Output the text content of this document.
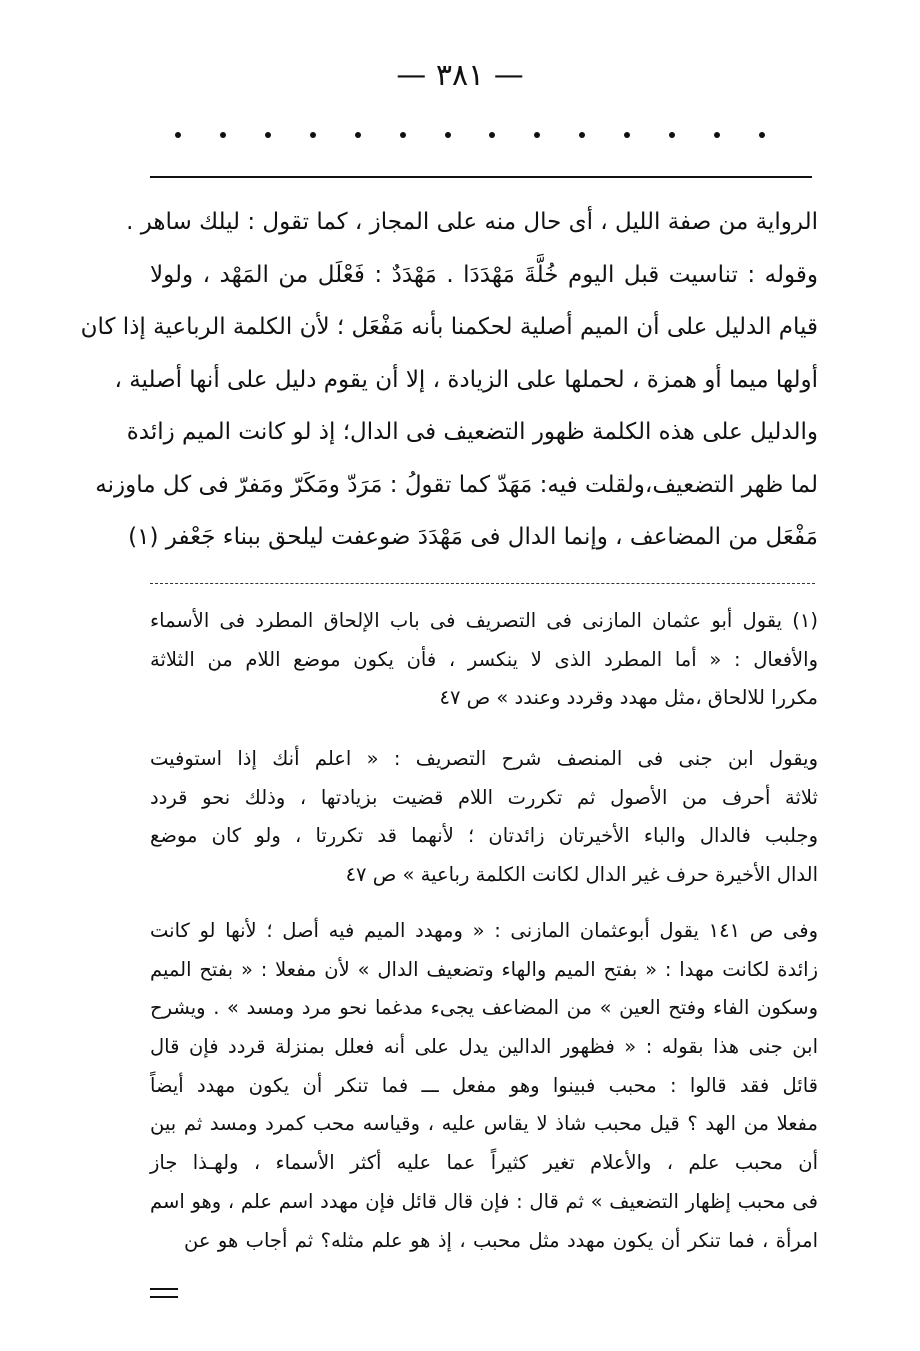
— ٣٨١ —
الرواية من صفة الليل ، أى حال منه على المجاز ، كما تقول : ليلك ساهر .
وقوله : تناسيت قبل اليوم خُلَّةَ مَهْدَدَا . مَهْدَدٌ : فَعْلَل من المَهْد ، ولولا
قيام الدليل على أن الميم أصلية لحكمنا بأنه مَفْعَل ؛ لأن الكلمة الرباعية إذا كان
أولها ميما أو همزة ، لحملها على الزيادة ، إلا أن يقوم دليل على أنها أصلية ،
والدليل على هذه الكلمة ظهور التضعيف فى الدال؛ إذ لو كانت الميم زائدة
لما ظهر التضعيف،ولقلت فيه: مَهَدّ كما تقولُ : مَرَدّ ومَكَرّ ومَفرّ فى كل ماوزنه
مَفْعَل من المضاعف ، وإنما الدال فى مَهْدَدَ ضوعفت ليلحق ببناء جَعْفر (١)
(١) يقول أبو عثمان المازنى فى التصريف فى باب الإلحاق المطرد فى الأسماء
والأفعال : « أما المطرد الذى لا ينكسر ، فأن يكون موضع اللام من الثلاثة
مكررا للالحاق ،مثل مهدد وقردد وعندد » ص ٤٧
ويقول ابن جنى فى المنصف شرح التصريف : « اعلم أنك إذا استوفيت
ثلاثة أحرف من الأصول ثم تكررت اللام قضيت بزيادتها ، وذلك نحو قردد
وجلبب فالدال والباء الأخيرتان زائدتان ؛ لأنهما قد تكررتا ، ولو كان موضع
الدال الأخيرة حرف غير الدال لكانت الكلمة رباعية » ص ٤٧
وفى ص ١٤١ يقول أبوعثمان المازنى : « ومهدد الميم فيه أصل ؛ لأنها لو كانت
زائدة لكانت مهدا : « بفتح الميم والهاء وتضعيف الدال » لأن مفعلا : « بفتح الميم
وسكون الفاء وفتح العين » من المضاعف يجىء مدغما نحو مرد ومسد » . ويشرح
ابن جنى هذا بقوله : « فظهور الدالين يدل على أنه فعلل بمنزلة قردد فإن قال
قائل فقد قالوا : محبب فبينوا وهو مفعل ـــ فما تنكر أن يكون مهدد أيضاً
مفعلا من الهد ؟ قيل محبب شاذ لا يقاس عليه ، وقياسه محب كمرد ومسد ثم بين
أن محبب علم ، والأعلام تغير كثيراً عما عليه أكثر الأسماء ، ولهـذا جاز
فى محبب إظهار التضعيف » ثم قال : فإن قال قائل فإن مهدد اسم علم ، وهو اسم
امرأة ، فما تنكر أن يكون مهدد مثل محبب ، إذ هو علم مثله؟ ثم أجاب هو عن
